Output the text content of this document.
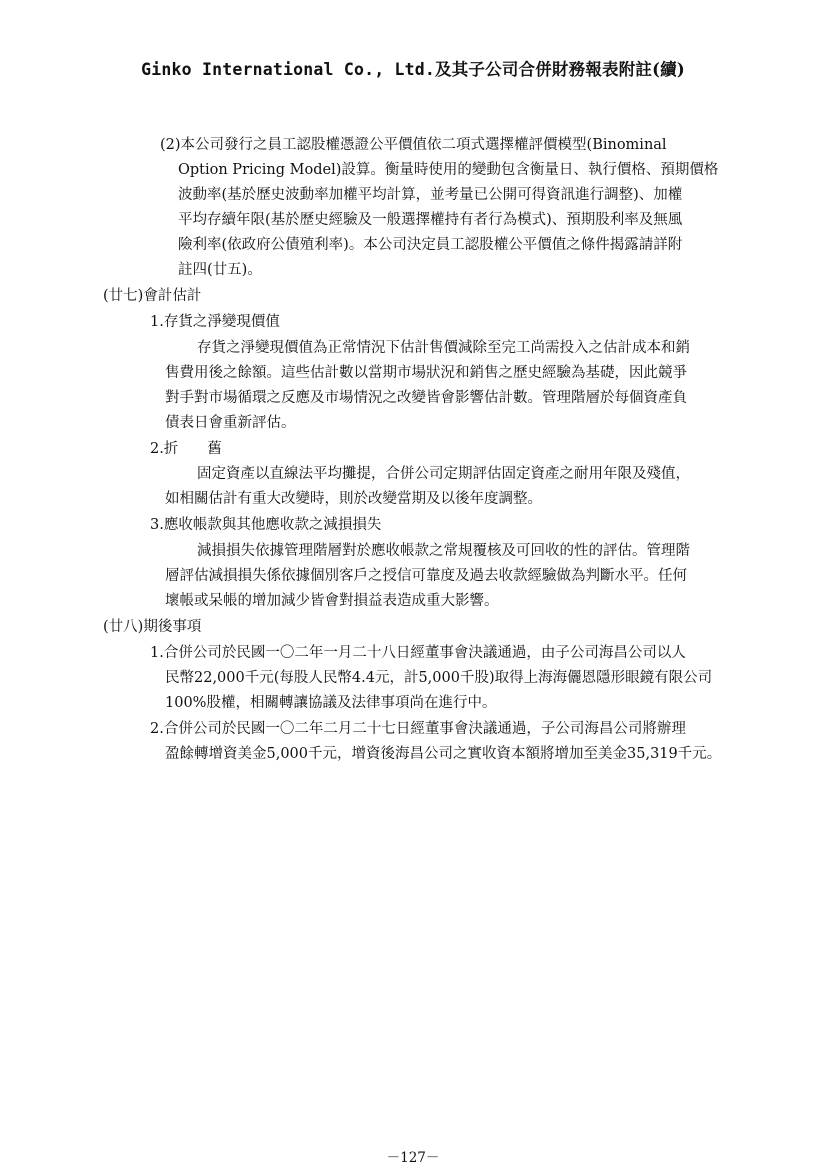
Ginko International Co., Ltd.及其子公司合併財務報表附註(續)
(2)本公司發行之員工認股權憑證公平價值依二項式選擇權評價模型(Binominal
Option Pricing Model)設算。衡量時使用的變動包含衡量日、執行價格、預期價格
波動率(基於歷史波動率加權平均計算，並考量已公開可得資訊進行調整)、加權
平均存續年限(基於歷史經驗及一般選擇權持有者行為模式)、預期股利率及無風
險利率(依政府公債殖利率)。本公司決定員工認股權公平價值之條件揭露請詳附
註四(廿五)。
(廿七)會計估計
1.存貨之淨變現價值
存貨之淨變現價值為正常情況下估計售價減除至完工尚需投入之估計成本和銷
售費用後之餘額。這些估計數以當期市場狀況和銷售之歷史經驗為基礎，因此競爭
對手對市場循環之反應及市場情況之改變皆會影響估計數。管理階層於每個資產負
債表日會重新評估。
2.折　　舊
固定資產以直線法平均攤提，合併公司定期評估固定資產之耐用年限及殘值，
如相關估計有重大改變時，則於改變當期及以後年度調整。
3.應收帳款與其他應收款之減損損失
減損損失依據管理階層對於應收帳款之常規覆核及可回收的性的評估。管理階
層評估減損損失係依據個別客戶之授信可靠度及過去收款經驗做為判斷水平。任何
壞帳或呆帳的增加減少皆會對損益表造成重大影響。
(廿八)期後事項
1.合併公司於民國一〇二年一月二十八日經董事會決議通過，由子公司海昌公司以人
民幣22,000千元(每股人民幣4.4元，計5,000千股)取得上海海儷恩隱形眼鏡有限公司
100%股權，相關轉讓協議及法律事項尚在進行中。
2.合併公司於民國一〇二年二月二十七日經董事會決議通過，子公司海昌公司將辦理
盈餘轉增資美金5,000千元，增資後海昌公司之實收資本額將增加至美金35,319千元。
－127－
